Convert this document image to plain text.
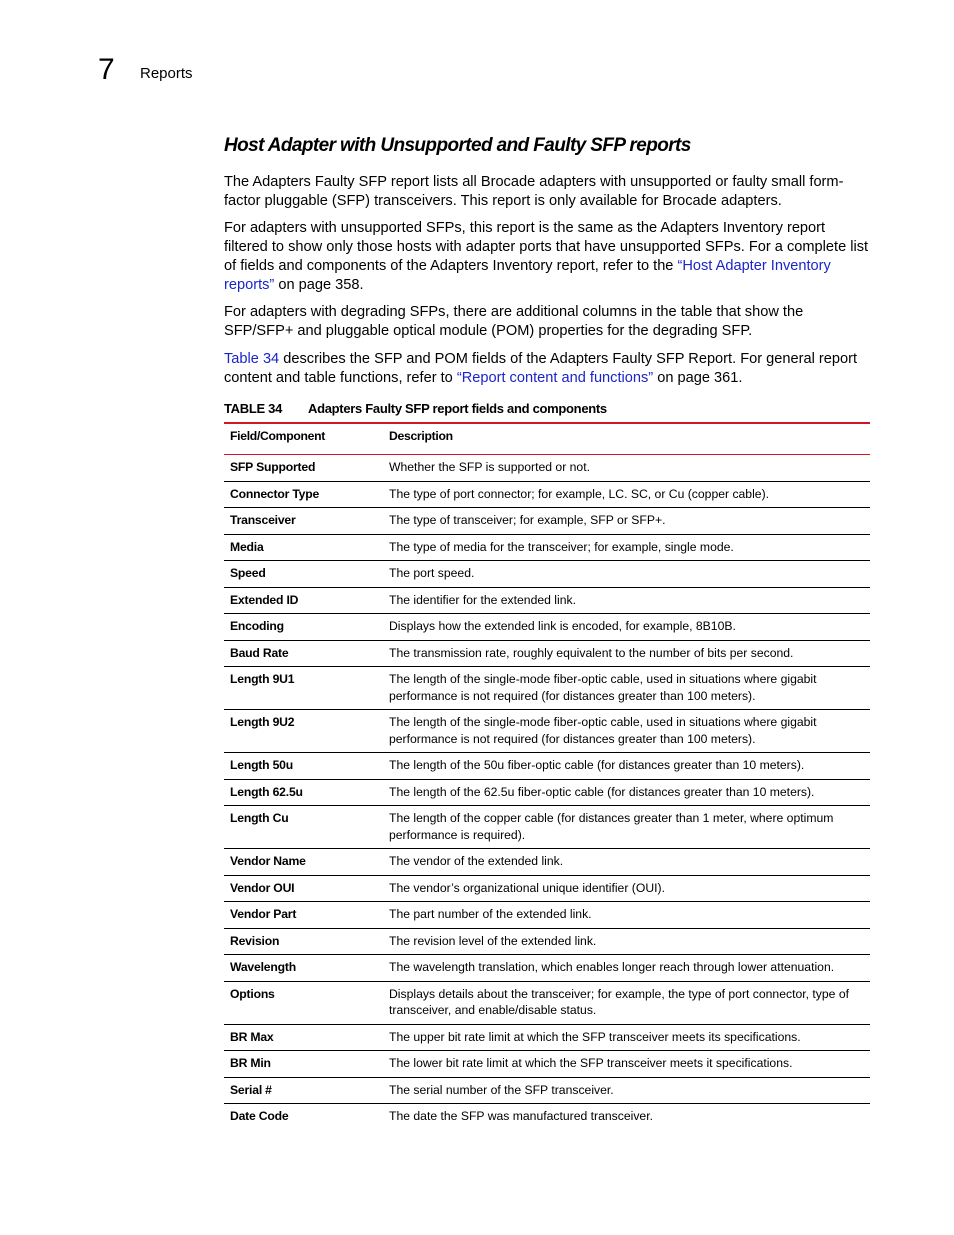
7 Reports
Host Adapter with Unsupported and Faulty SFP reports

The Adapters Faulty SFP report lists all Brocade adapters with unsupported or faulty small form-factor pluggable (SFP) transceivers. This report is only available for Brocade adapters.

For adapters with unsupported SFPs, this report is the same as the Adapters Inventory report filtered to show only those hosts with adapter ports that have unsupported SFPs. For a complete list of fields and components of the Adapters Inventory report, refer to the “Host Adapter Inventory reports” on page 358.

For adapters with degrading SFPs, there are additional columns in the table that show the SFP/SFP+ and pluggable optical module (POM) properties for the degrading SFP.

Table 34 describes the SFP and POM fields of the Adapters Faulty SFP Report. For general report content and table functions, refer to “Report content and functions” on page 361.

TABLE 34 Adapters Faulty SFP report fields and components
Field/Component	Description
SFP Supported	Whether the SFP is supported or not.
Connector Type	The type of port connector; for example, LC. SC, or Cu (copper cable).
Transceiver	The type of transceiver; for example, SFP or SFP+.
Media	The type of media for the transceiver; for example, single mode.
Speed	The port speed.
Extended ID	The identifier for the extended link.
Encoding	Displays how the extended link is encoded, for example, 8B10B.
Baud Rate	The transmission rate, roughly equivalent to the number of bits per second.
Length 9U1	The length of the single-mode fiber-optic cable, used in situations where gigabit performance is not required (for distances greater than 100 meters).
Length 9U2	The length of the single-mode fiber-optic cable, used in situations where gigabit performance is not required (for distances greater than 100 meters).
Length 50u	The length of the 50u fiber-optic cable (for distances greater than 10 meters).
Length 62.5u	The length of the 62.5u fiber-optic cable (for distances greater than 10 meters).
Length Cu	The length of the copper cable (for distances greater than 1 meter, where optimum performance is required).
Vendor Name	The vendor of the extended link.
Vendor OUI	The vendor’s organizational unique identifier (OUI).
Vendor Part	The part number of the extended link.
Revision	The revision level of the extended link.
Wavelength	The wavelength translation, which enables longer reach through lower attenuation.
Options	Displays details about the transceiver; for example, the type of port connector, type of transceiver, and enable/disable status.
BR Max	The upper bit rate limit at which the SFP transceiver meets its specifications.
BR Min	The lower bit rate limit at which the SFP transceiver meets it specifications.
Serial #	The serial number of the SFP transceiver.
Date Code	The date the SFP was manufactured transceiver.
